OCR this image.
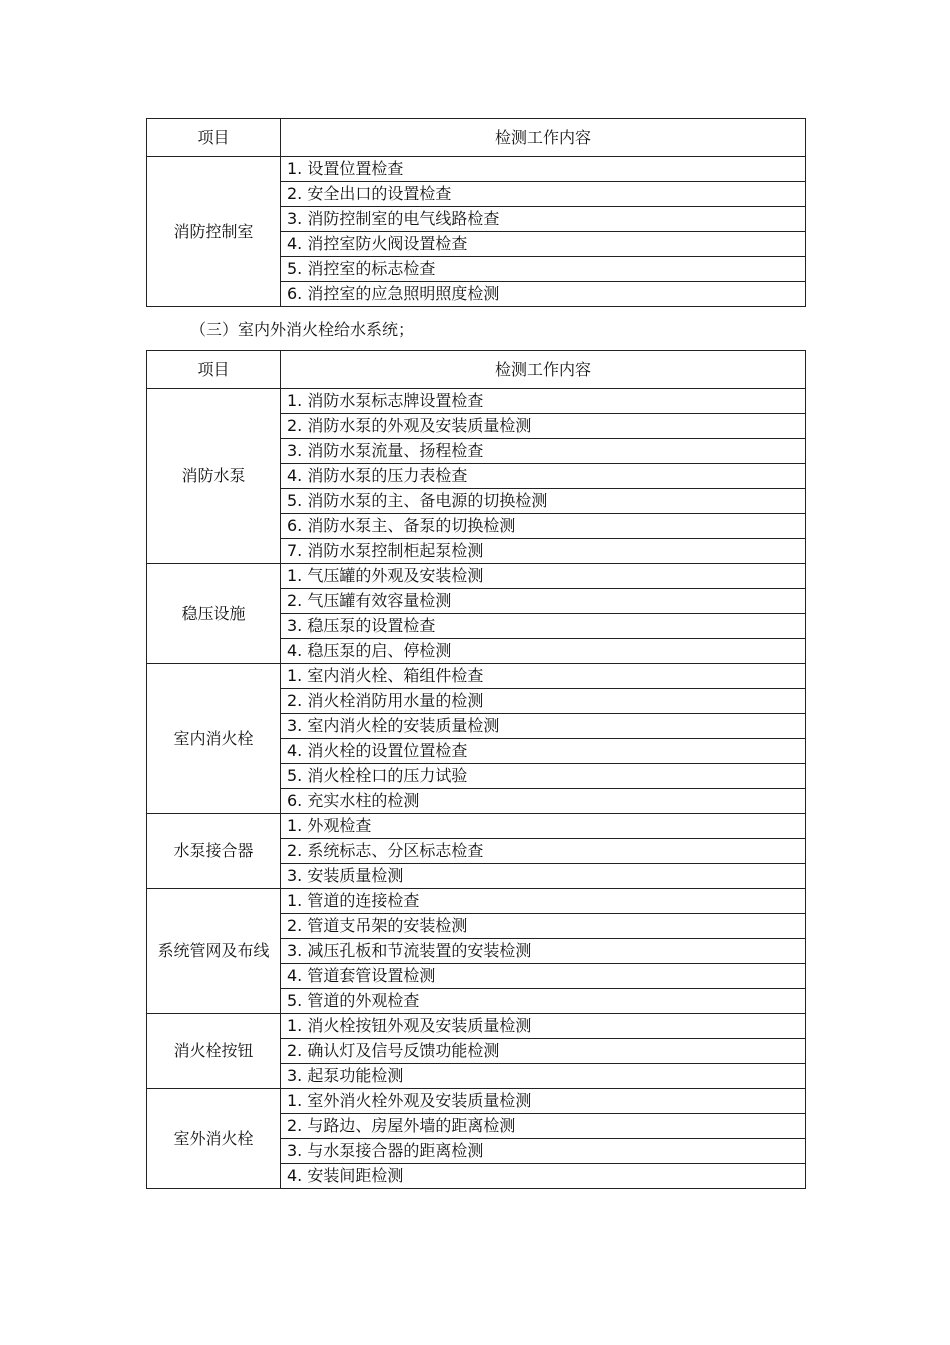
项目	检测工作内容
消防控制室	1. 设置位置检查
	2. 安全出口的设置检查
	3. 消防控制室的电气线路检查
	4. 消控室防火阀设置检查
	5. 消控室的标志检查
	6. 消控室的应急照明照度检测
（三）室内外消火栓给水系统；
项目	检测工作内容
消防水泵	1. 消防水泵标志牌设置检查
	2. 消防水泵的外观及安装质量检测
	3. 消防水泵流量、扬程检查
	4. 消防水泵的压力表检查
	5. 消防水泵的主、备电源的切换检测
	6. 消防水泵主、备泵的切换检测
	7. 消防水泵控制柜起泵检测
稳压设施	1. 气压罐的外观及安装检测
	2. 气压罐有效容量检测
	3. 稳压泵的设置检查
	4. 稳压泵的启、停检测
室内消火栓	1. 室内消火栓、箱组件检查
	2. 消火栓消防用水量的检测
	3. 室内消火栓的安装质量检测
	4. 消火栓的设置位置检查
	5. 消火栓栓口的压力试验
	6. 充实水柱的检测
水泵接合器	1. 外观检查
	2. 系统标志、分区标志检查
	3. 安装质量检测
系统管网及布线	1. 管道的连接检查
	2. 管道支吊架的安装检测
	3. 减压孔板和节流装置的安装检测
	4. 管道套管设置检测
	5. 管道的外观检查
消火栓按钮	1. 消火栓按钮外观及安装质量检测
	2. 确认灯及信号反馈功能检测
	3. 起泵功能检测
室外消火栓	1. 室外消火栓外观及安装质量检测
	2. 与路边、房屋外墙的距离检测
	3. 与水泵接合器的距离检测
	4. 安装间距检测
